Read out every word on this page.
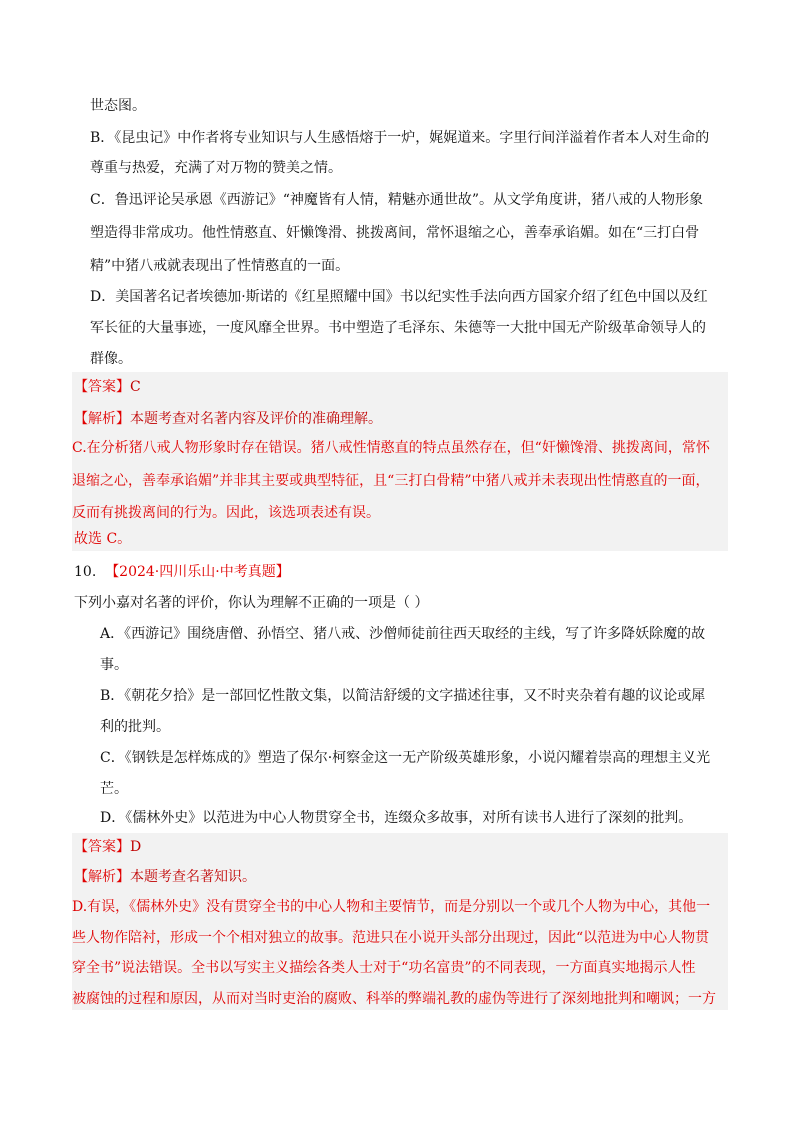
世态图。
B．《昆虫记》中作者将专业知识与人生感悟熔于一炉，娓娓道来。字里行间洋溢着作者本人对生命的
尊重与热爱，充满了对万物的赞美之情。
C．鲁迅评论吴承恩《西游记》“神魔皆有人情，精魅亦通世故”。从文学角度讲，猪八戒的人物形象
塑造得非常成功。他性情憨直、奸懒馋滑、挑拨离间，常怀退缩之心，善奉承谄媚。如在“三打白骨
精”中猪八戒就表现出了性情憨直的一面。
D．美国著名记者埃德加·斯诺的《红星照耀中国》书以纪实性手法向西方国家介绍了红色中国以及红
军长征的大量事迹，一度风靡全世界。书中塑造了毛泽东、朱德等一大批中国无产阶级革命领导人的
群像。
【答案】C
【解析】本题考查对名著内容及评价的准确理解。
C.在分析猪八戒人物形象时存在错误。猪八戒性情憨直的特点虽然存在，但“奸懒馋滑、挑拨离间，常怀
退缩之心，善奉承谄媚”并非其主要或典型特征，且“三打白骨精”中猪八戒并未表现出性情憨直的一面，
反而有挑拨离间的行为。因此，该选项表述有误。
故选 C。
10. 【2024·四川乐山·中考真题】
下列小嘉对名著的评价，你认为理解不正确的一项是（ ）
A．《西游记》围绕唐僧、孙悟空、猪八戒、沙僧师徒前往西天取经的主线，写了许多降妖除魔的故
事。
B．《朝花夕拾》是一部回忆性散文集，以简洁舒缓的文字描述往事，又不时夹杂着有趣的议论或犀
利的批判。
C．《钢铁是怎样炼成的》塑造了保尔·柯察金这一无产阶级英雄形象，小说闪耀着崇高的理想主义光
芒。
D．《儒林外史》以范进为中心人物贯穿全书，连缀众多故事，对所有读书人进行了深刻的批判。
【答案】D
【解析】本题考查名著知识。
D.有误，《儒林外史》没有贯穿全书的中心人物和主要情节，而是分别以一个或几个人物为中心，其他一
些人物作陪衬，形成一个个相对独立的故事。范进只在小说开头部分出现过，因此“以范进为中心人物贯
穿全书”说法错误。全书以写实主义描绘各类人士对于“功名富贵”的不同表现，一方面真实地揭示人性
被腐蚀的过程和原因，从而对当时吏治的腐败、科举的弊端礼教的虚伪等进行了深刻地批判和嘲讽；一方
